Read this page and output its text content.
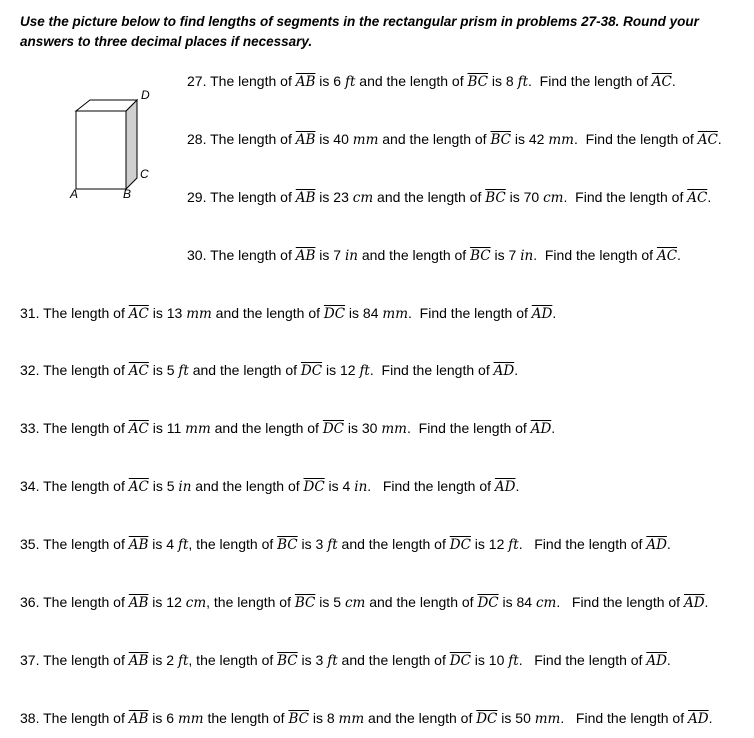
Use the picture below to find lengths of segments in the rectangular prism in problems 27-38. Round your answers to three decimal places if necessary.
A	B
C
D
27. The length of $\overline{AB}$ is 6 ft and the length of $\overline{BC}$ is 8 ft.  Find the length of $\overline{AC}$.
28. The length of $\overline{AB}$ is 40 mm and the length of $\overline{BC}$ is 42 mm.  Find the length of $\overline{AC}$.
29. The length of $\overline{AB}$ is 23 cm and the length of $\overline{BC}$ is 70 cm.  Find the length of $\overline{AC}$.
30. The length of $\overline{AB}$ is 7 in and the length of $\overline{BC}$ is 7 in.  Find the length of $\overline{AC}$.
31. The length of $\overline{AC}$ is 13 mm and the length of $\overline{DC}$ is 84 mm.  Find the length of $\overline{AD}$.
32. The length of $\overline{AC}$ is 5 ft and the length of $\overline{DC}$ is 12 ft.  Find the length of $\overline{AD}$.
33. The length of $\overline{AC}$ is 11 mm and the length of $\overline{DC}$ is 30 mm.  Find the length of $\overline{AD}$.
34. The length of $\overline{AC}$ is 5 in and the length of $\overline{DC}$ is 4 in.   Find the length of $\overline{AD}$.
35. The length of $\overline{AB}$ is 4 ft, the length of $\overline{BC}$ is 3 ft and the length of $\overline{DC}$ is 12 ft.   Find the length of $\overline{AD}$.
36. The length of $\overline{AB}$ is 12 cm, the length of $\overline{BC}$ is 5 cm and the length of $\overline{DC}$ is 84 cm.   Find the length of $\overline{AD}$.
37. The length of $\overline{AB}$ is 2 ft, the length of $\overline{BC}$ is 3 ft and the length of $\overline{DC}$ is 10 ft.   Find the length of $\overline{AD}$.
38. The length of $\overline{AB}$ is 6 mm the length of $\overline{BC}$ is 8 mm and the length of $\overline{DC}$ is 50 mm.   Find the length of $\overline{AD}$.
